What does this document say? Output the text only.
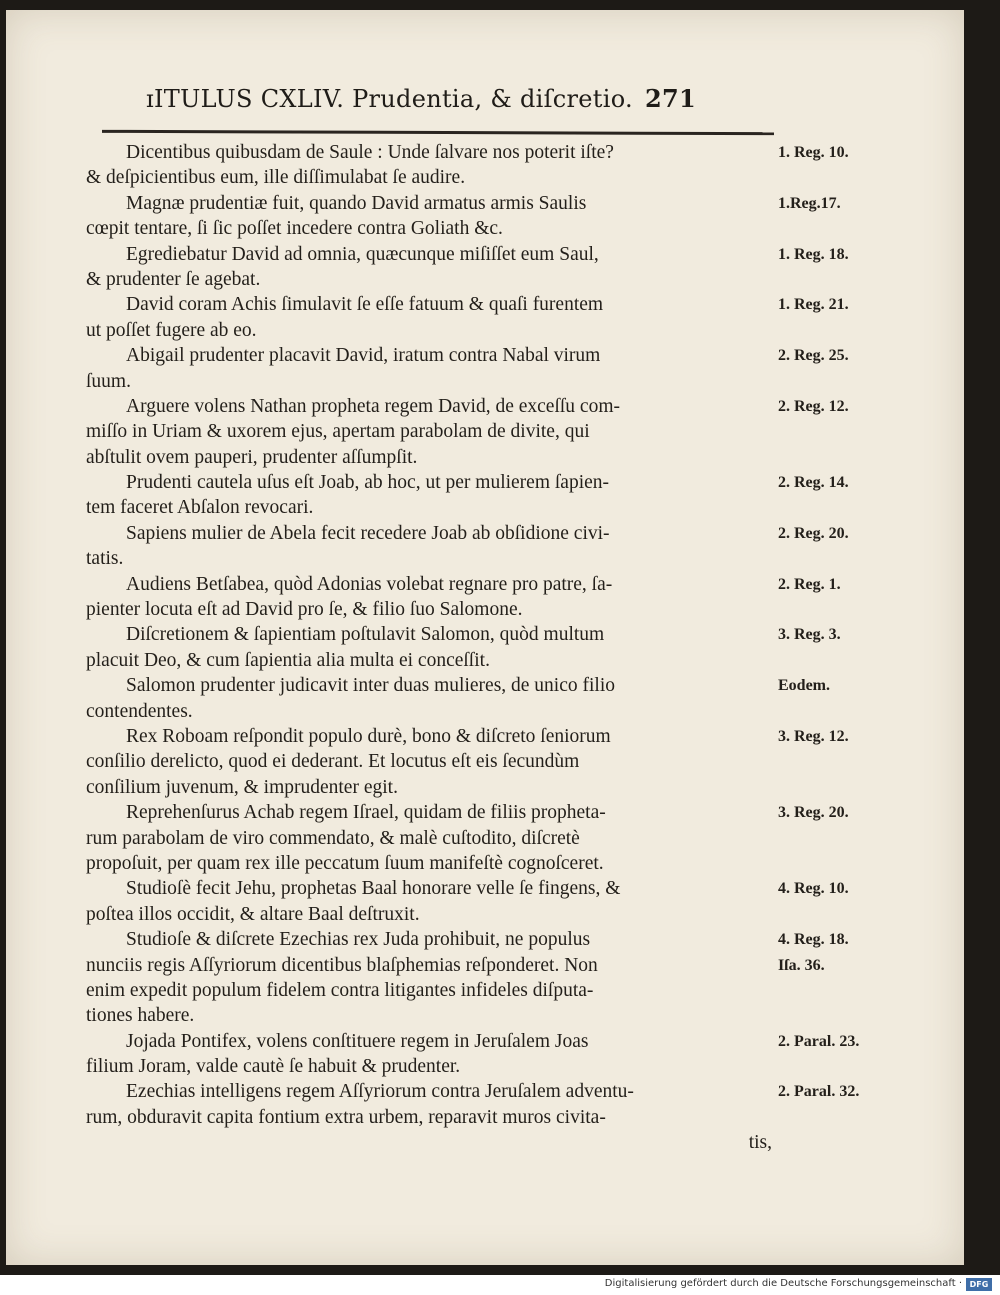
ɪITULUS CXLIV. Prudentia, & diſcretio. 271
Dicentibus quibusdam de Saule : Unde ſalvare nos poterit iſte?
& deſpicientibus eum, ille diſſimulabat ſe audire.
Magnæ prudentiæ fuit, quando David armatus armis Saulis
cœpit tentare, ſi ſic poſſet incedere contra Goliath &c.
Egrediebatur David ad omnia, quæcunque miſiſſet eum Saul,
& prudenter ſe agebat.
David coram Achis ſimulavit ſe eſſe fatuum & quaſi furentem
ut poſſet fugere ab eo.
Abigail prudenter placavit David, iratum contra Nabal virum
ſuum.
Arguere volens Nathan propheta regem David, de exceſſu com-
miſſo in Uriam & uxorem ejus, apertam parabolam de divite, qui
abſtulit ovem pauperi, prudenter aſſumpſit.
Prudenti cautela uſus eſt Joab, ab hoc, ut per mulierem ſapien-
tem faceret Abſalon revocari.
Sapiens mulier de Abela fecit recedere Joab ab obſidione civi-
tatis.
Audiens Betſabea, quòd Adonias volebat regnare pro patre, ſa-
pienter locuta eſt ad David pro ſe, & filio ſuo Salomone.
Diſcretionem & ſapientiam poſtulavit Salomon, quòd multum
placuit Deo, & cum ſapientia alia multa ei conceſſit.
Salomon prudenter judicavit inter duas mulieres, de unico filio
contendentes.
Rex Roboam reſpondit populo durè, bono & diſcreto ſeniorum
conſilio derelicto, quod ei dederant. Et locutus eſt eis ſecundùm
conſilium juvenum, & imprudenter egit.
Reprehenſurus Achab regem Iſrael, quidam de filiis propheta-
rum parabolam de viro commendato, & malè cuſtodito, diſcretè
propoſuit, per quam rex ille peccatum ſuum manifeſtè cognoſceret.
Studioſè fecit Jehu, prophetas Baal honorare velle ſe fingens, &
poſtea illos occidit, & altare Baal deſtruxit.
Studioſe & diſcrete Ezechias rex Juda prohibuit, ne populus
nunciis regis Aſſyriorum dicentibus blaſphemias reſponderet. Non
enim expedit populum fidelem contra litigantes infideles diſputa-
tiones habere.
Jojada Pontifex, volens conſtituere regem in Jeruſalem Joas
filium Joram, valde cautè ſe habuit & prudenter.
Ezechias intelligens regem Aſſyriorum contra Jeruſalem adventu-
rum, obduravit capita fontium extra urbem, reparavit muros civita-
tis,
1. Reg. 10.
1.Reg.17.
1. Reg. 18.
1. Reg. 21.
2. Reg. 25.
2. Reg. 12.
2. Reg. 14.
2. Reg. 20.
2. Reg. 1.
3. Reg. 3.
Eodem.
3. Reg. 12.
3. Reg. 20.
4. Reg. 10.
4. Reg. 18.
Iſa. 36.
2. Paral. 23.
2. Paral. 32.
Digitalisierung gefördert durch die Deutsche Forschungsgemeinschaft · DFG
